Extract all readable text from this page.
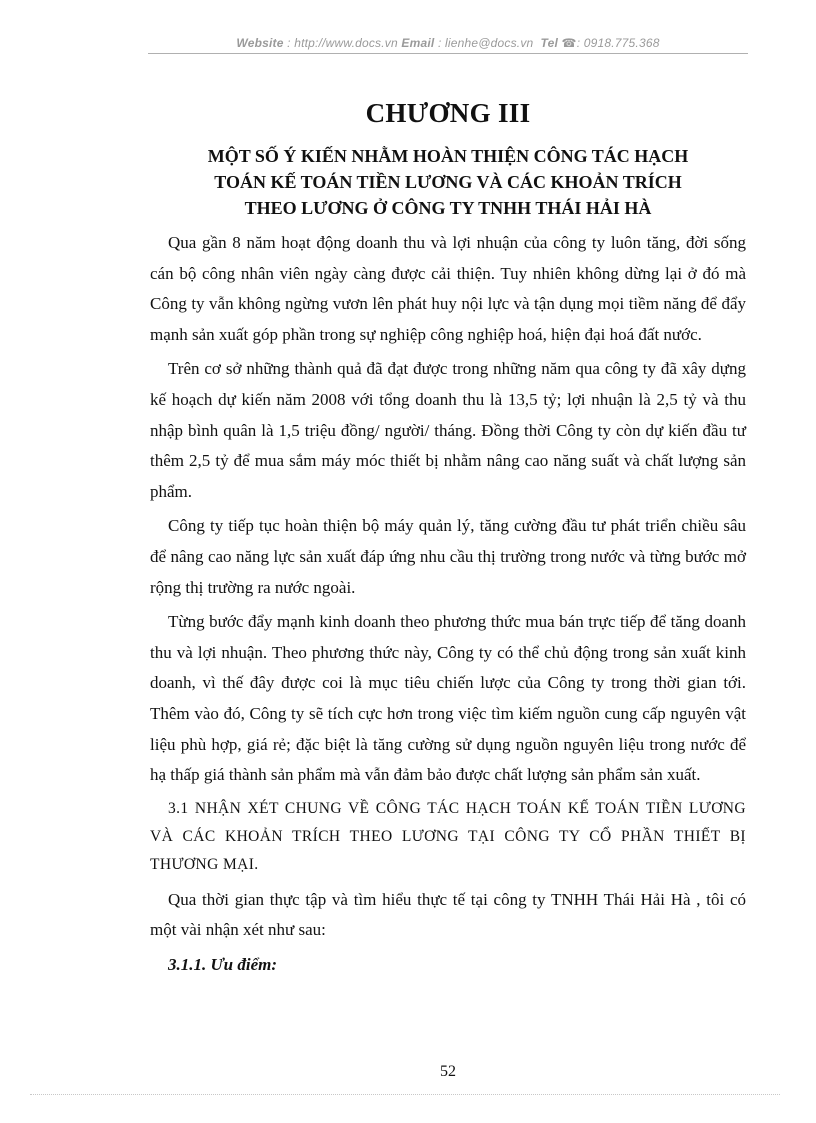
Website : http://www.docs.vn Email : lienhe@docs.vn Tel ☎: 0918.775.368
CHƯƠNG III
MỘT SỐ Ý KIẾN NHẰM HOÀN THIỆN CÔNG TÁC HẠCH
TOÁN KẾ TOÁN TIỀN LƯƠNG VÀ CÁC KHOẢN TRÍCH
THEO LƯƠNG Ở CÔNG TY TNHH THÁI HẢI HÀ

Qua gần 8 năm hoạt động doanh thu và lợi nhuận của công ty luôn tăng, đời sống cán bộ công nhân viên ngày càng được cải thiện. Tuy nhiên không dừng lại ở đó mà Công ty vẫn không ngừng vươn lên phát huy nội lực và tận dụng mọi tiềm năng để đẩy mạnh sản xuất góp phần trong sự nghiệp công nghiệp hoá, hiện đại hoá đất nước.

Trên cơ sở những thành quả đã đạt được trong những năm qua công ty đã xây dựng kế hoạch dự kiến năm 2008 với tổng doanh thu là 13,5 tỷ; lợi nhuận là 2,5 tỷ và thu nhập bình quân là 1,5 triệu đồng/ người/ tháng. Đồng thời Công ty còn dự kiến đầu tư thêm 2,5 tỷ để mua sắm máy móc thiết bị nhằm nâng cao năng suất và chất lượng sản phẩm.

Công ty tiếp tục hoàn thiện bộ máy quản lý, tăng cường đầu tư phát triển chiều sâu để nâng cao năng lực sản xuất đáp ứng nhu cầu thị trường trong nước và từng bước mở rộng thị trường ra nước ngoài.

Từng bước đẩy mạnh kinh doanh theo phương thức mua bán trực tiếp để tăng doanh thu và lợi nhuận. Theo phương thức này, Công ty có thể chủ động trong sản xuất kinh doanh, vì thế đây được coi là mục tiêu chiến lược của Công ty trong thời gian tới. Thêm vào đó, Công ty sẽ tích cực hơn trong việc tìm kiếm nguồn cung cấp nguyên vật liệu phù hợp, giá rẻ; đặc biệt là tăng cường sử dụng nguồn nguyên liệu trong nước để hạ thấp giá thành sản phẩm mà vẫn đảm bảo được chất lượng sản phẩm sản xuất.

3.1 NHẬN XÉT CHUNG VỀ CÔNG TÁC HẠCH TOÁN KẾ TOÁN TIỀN LƯƠNG VÀ CÁC KHOẢN TRÍCH THEO LƯƠNG TẠI CÔNG TY CỔ PHẦN THIẾT BỊ THƯƠNG MẠI.

Qua thời gian thực tập và tìm hiểu thực tế tại công ty TNHH Thái Hải Hà , tôi có một vài nhận xét như sau:

3.1.1. Ưu điểm:
52
